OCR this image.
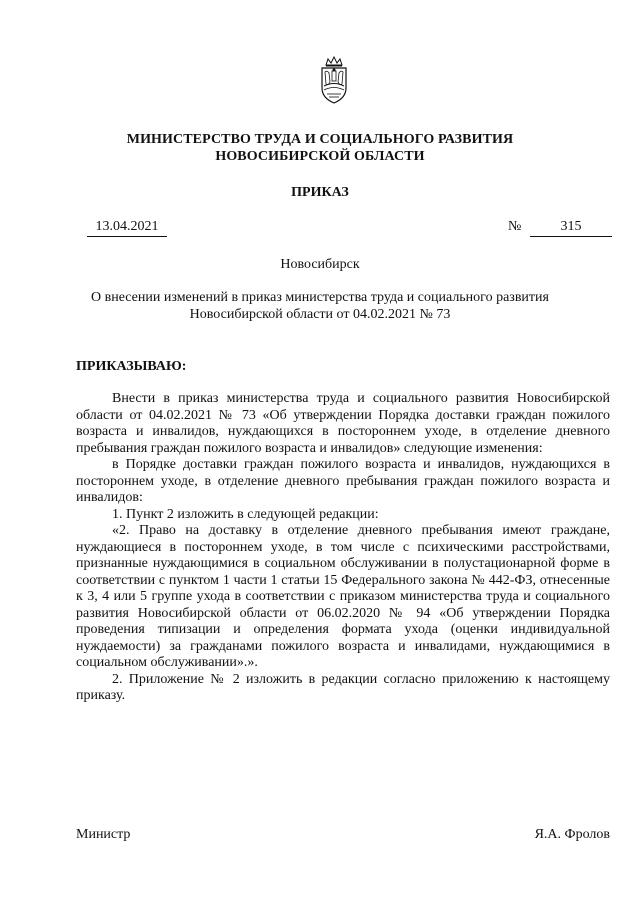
МИНИСТЕРСТВО ТРУДА И СОЦИАЛЬНОГО РАЗВИТИЯ
НОВОСИБИРСКОЙ ОБЛАСТИ
ПРИКАЗ
13.04.2021	№	315
Новосибирск
О внесении изменений в приказ министерства труда и социального развития
Новосибирской области от 04.02.2021 № 73
ПРИКАЗЫВАЮ:

Внести в приказ министерства труда и социального развития Новосибирской области от 04.02.2021 № 73 «Об утверждении Порядка доставки граждан пожилого возраста и инвалидов, нуждающихся в постороннем уходе, в отделение дневного пребывания граждан пожилого возраста и инвалидов» следующие изменения:

в Порядке доставки граждан пожилого возраста и инвалидов, нуждающихся в постороннем уходе, в отделение дневного пребывания граждан пожилого возраста и инвалидов:

1. Пункт 2 изложить в следующей редакции:

«2. Право на доставку в отделение дневного пребывания имеют граждане, нуждающиеся в постороннем уходе, в том числе с психическими расстройствами, признанные нуждающимися в социальном обслуживании в полустационарной форме в соответствии с пунктом 1 части 1 статьи 15 Федерального закона № 442-ФЗ, отнесенные к 3, 4 или 5 группе ухода в соответствии с приказом министерства труда и социального развития Новосибирской области от 06.02.2020 № 94 «Об утверждении Порядка проведения типизации и определения формата ухода (оценки индивидуальной нуждаемости) за гражданами пожилого возраста и инвалидами, нуждающимися в социальном обслуживании».».

2. Приложение № 2 изложить в редакции согласно приложению к настоящему приказу.

Министр	Я.А. Фролов
